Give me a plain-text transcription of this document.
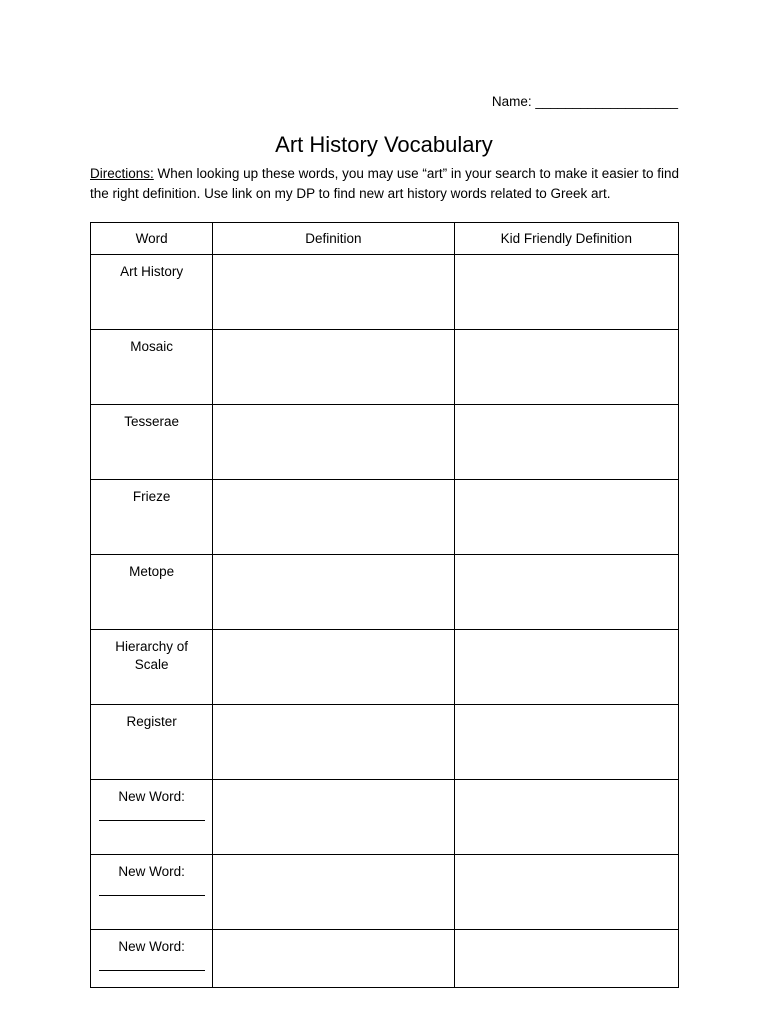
Name: ___________________
Art History Vocabulary

Directions: When looking up these words, you may use “art” in your search to make it easier to find the right definition. Use link on my DP to find new art history words related to Greek art.

Word	Definition	Kid Friendly Definition
Art History		
Mosaic		
Tesserae		
Frieze		
Metope		
Hierarchy of Scale		
Register		
New Word:

New Word:

New Word:
